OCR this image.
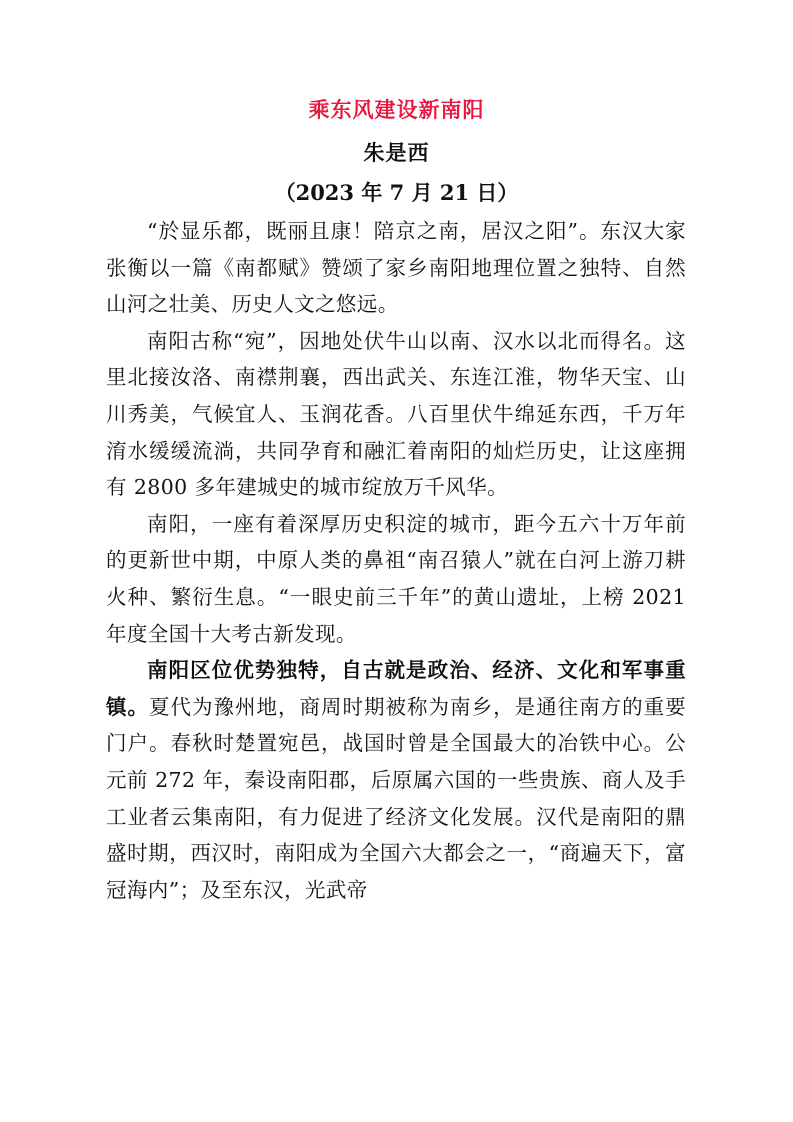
乘东风建设新南阳
朱是西
（2023 年 7 月 21 日）

“於显乐都，既丽且康！陪京之南，居汉之阳”。东汉大家张衡以一篇《南都赋》赞颂了家乡南阳地理位置之独特、自然山河之壮美、历史人文之悠远。

南阳古称“宛”，因地处伏牛山以南、汉水以北而得名。这里北接汝洛、南襟荆襄，西出武关、东连江淮，物华天宝、山川秀美，气候宜人、玉润花香。八百里伏牛绵延东西，千万年淯水缓缓流淌，共同孕育和融汇着南阳的灿烂历史，让这座拥有 2800 多年建城史的城市绽放万千风华。

南阳，一座有着深厚历史积淀的城市，距今五六十万年前的更新世中期，中原人类的鼻祖“南召猿人”就在白河上游刀耕火种、繁衍生息。“一眼史前三千年”的黄山遗址，上榜 2021 年度全国十大考古新发现。

南阳区位优势独特，自古就是政治、经济、文化和军事重镇。夏代为豫州地，商周时期被称为南乡，是通往南方的重要门户。春秋时楚置宛邑，战国时曾是全国最大的冶铁中心。公元前 272 年，秦设南阳郡，后原属六国的一些贵族、商人及手工业者云集南阳，有力促进了经济文化发展。汉代是南阳的鼎盛时期，西汉时，南阳成为全国六大都会之一，“商遍天下，富冠海内”；及至东汉，光武帝
